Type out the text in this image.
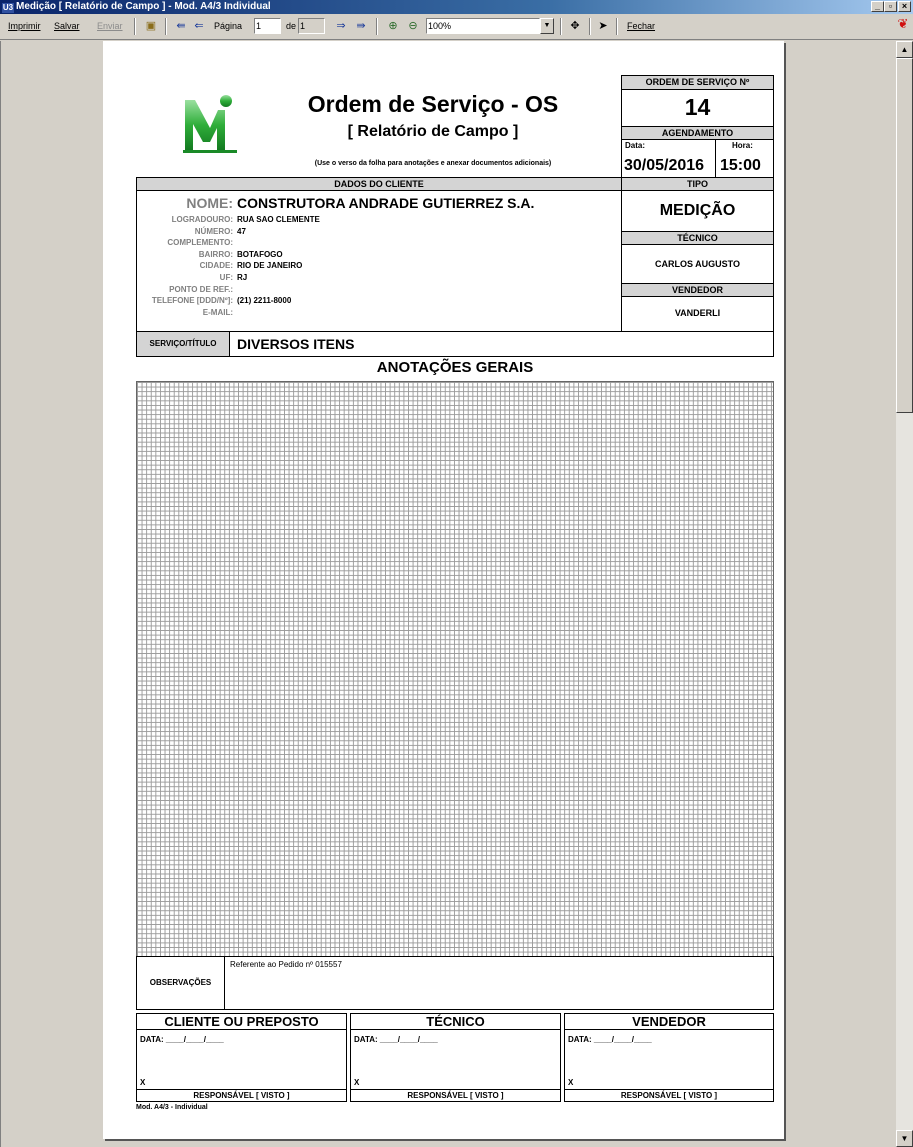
U3 Medição [ Relatório de Campo ] - Mod. A4/3 Individual	_ ▫	×
Imprimir Salvar Enviar ▣ ⇚ ⇐ Página 1	de 1	⇒ ⇛ ⊕ ⊖ 100%	▼	✥ ➤ Fechar	❦
▲
▼
Ordem de Serviço - OS
[ Relatório de Campo ]
(Use o verso da folha para anotações e anexar documentos adicionais)
ORDEM DE SERVIÇO Nº
14
AGENDAMENTO
Data:
30/05/2016
Hora:
15:00
DADOS DO CLIENTE
NOME: CONSTRUTORA ANDRADE GUTIERREZ S.A.
LOGRADOURO: RUA SAO CLEMENTE
NÚMERO: 47
COMPLEMENTO:
BAIRRO: BOTAFOGO
CIDADE: RIO DE JANEIRO
UF: RJ
PONTO DE REF.:
TELEFONE [DDD/Nº]: (21) 2211-8000
E-MAIL:
TIPO
MEDIÇÃO
TÉCNICO
CARLOS AUGUSTO
VENDEDOR
VANDERLI
SERVIÇO/TÍTULO	DIVERSOS ITENS
ANOTAÇÕES GERAIS
OBSERVAÇÕES
Referente ao Pedido nº 015557
CLIENTE OU PREPOSTO
DATA: ____/____/____
X
RESPONSÁVEL [ VISTO ]
TÉCNICO
DATA: ____/____/____
X
RESPONSÁVEL [ VISTO ]
VENDEDOR
DATA: ____/____/____
X
RESPONSÁVEL [ VISTO ]
Mod. A4/3 - Individual
